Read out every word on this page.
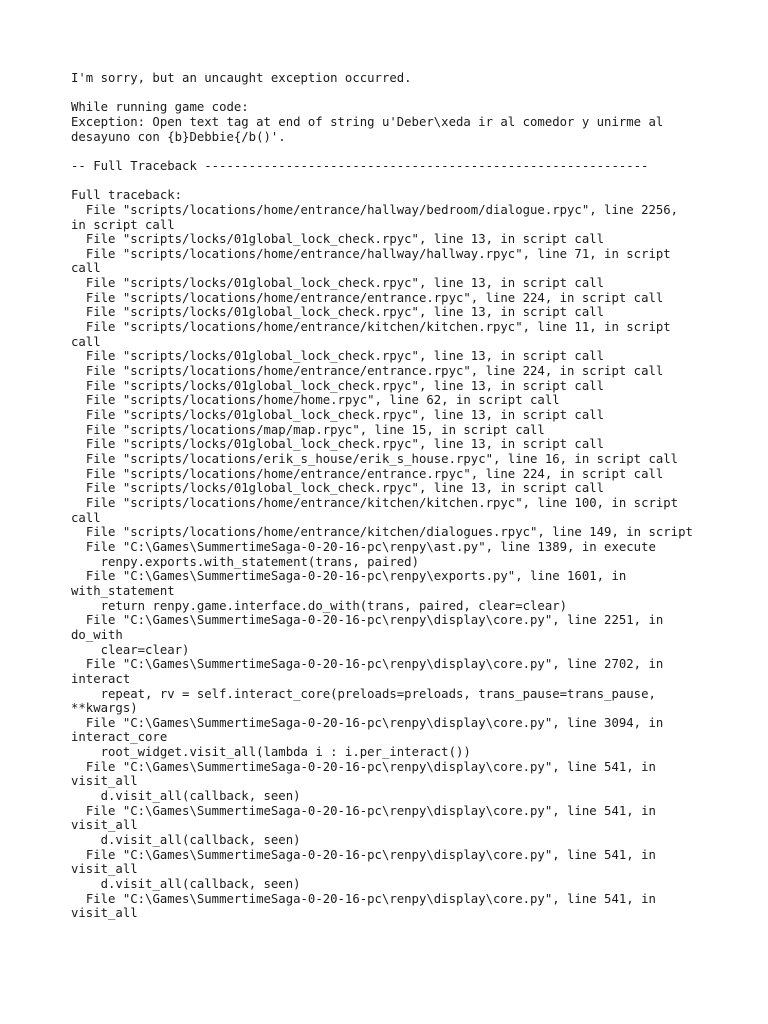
I'm sorry, but an uncaught exception occurred.
While running game code:
Exception: Open text tag at end of string u'Deber\xeda ir al comedor y unirme al desayuno con {b}Debbie{/b()'.
-- Full Traceback ------------------------------------------------------------
Full traceback:
File "scripts/locations/home/entrance/hallway/bedroom/dialogue.rpyc", line 2256, in script call
File "scripts/locks/01global_lock_check.rpyc", line 13, in script call
File "scripts/locations/home/entrance/hallway/hallway.rpyc", line 71, in script call
File "scripts/locks/01global_lock_check.rpyc", line 13, in script call
File "scripts/locations/home/entrance/entrance.rpyc", line 224, in script call
File "scripts/locks/01global_lock_check.rpyc", line 13, in script call
File "scripts/locations/home/entrance/kitchen/kitchen.rpyc", line 11, in script call
File "scripts/locks/01global_lock_check.rpyc", line 13, in script call
File "scripts/locations/home/entrance/entrance.rpyc", line 224, in script call
File "scripts/locks/01global_lock_check.rpyc", line 13, in script call
File "scripts/locations/home/home.rpyc", line 62, in script call
File "scripts/locks/01global_lock_check.rpyc", line 13, in script call
File "scripts/locations/map/map.rpyc", line 15, in script call
File "scripts/locks/01global_lock_check.rpyc", line 13, in script call
File "scripts/locations/erik_s_house/erik_s_house.rpyc", line 16, in script call
File "scripts/locations/home/entrance/entrance.rpyc", line 224, in script call
File "scripts/locks/01global_lock_check.rpyc", line 13, in script call
File "scripts/locations/home/entrance/kitchen/kitchen.rpyc", line 100, in script call
File "scripts/locations/home/entrance/kitchen/dialogues.rpyc", line 149, in script
File "C:\Games\SummertimeSaga-0-20-16-pc\renpy\ast.py", line 1389, in execute
renpy.exports.with_statement(trans, paired)
File "C:\Games\SummertimeSaga-0-20-16-pc\renpy\exports.py", line 1601, in with_statement
return renpy.game.interface.do_with(trans, paired, clear=clear)
File "C:\Games\SummertimeSaga-0-20-16-pc\renpy\display\core.py", line 2251, in do_with
clear=clear)
File "C:\Games\SummertimeSaga-0-20-16-pc\renpy\display\core.py", line 2702, in interact
repeat, rv = self.interact_core(preloads=preloads, trans_pause=trans_pause, **kwargs)
File "C:\Games\SummertimeSaga-0-20-16-pc\renpy\display\core.py", line 3094, in interact_core
root_widget.visit_all(lambda i : i.per_interact())
File "C:\Games\SummertimeSaga-0-20-16-pc\renpy\display\core.py", line 541, in visit_all
d.visit_all(callback, seen)
File "C:\Games\SummertimeSaga-0-20-16-pc\renpy\display\core.py", line 541, in visit_all
d.visit_all(callback, seen)
File "C:\Games\SummertimeSaga-0-20-16-pc\renpy\display\core.py", line 541, in visit_all
d.visit_all(callback, seen)
File "C:\Games\SummertimeSaga-0-20-16-pc\renpy\display\core.py", line 541, in visit_all
